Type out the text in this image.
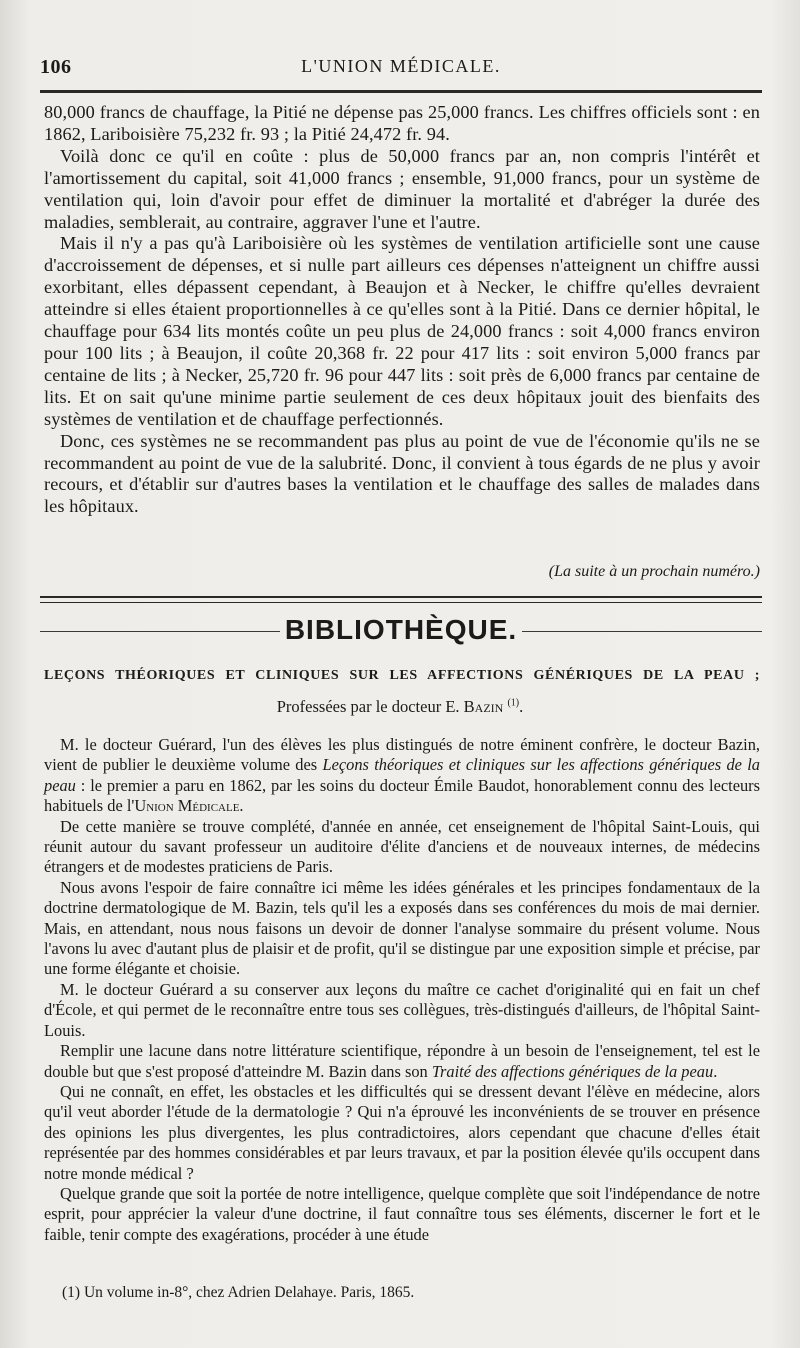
106	L'UNION MÉDICALE.

80,000 francs de chauffage, la Pitié ne dépense pas 25,000 francs. Les chiffres officiels sont : en 1862, Lariboisière 75,232 fr. 93 ; la Pitié 24,472 fr. 94.

Voilà donc ce qu'il en coûte : plus de 50,000 francs par an, non compris l'intérêt et l'amortissement du capital, soit 41,000 francs ; ensemble, 91,000 francs, pour un système de ventilation qui, loin d'avoir pour effet de diminuer la mortalité et d'abréger la durée des maladies, semblerait, au contraire, aggraver l'une et l'autre.

Mais il n'y a pas qu'à Lariboisière où les systèmes de ventilation artificielle sont une cause d'accroissement de dépenses, et si nulle part ailleurs ces dépenses n'atteignent un chiffre aussi exorbitant, elles dépassent cependant, à Beaujon et à Necker, le chiffre qu'elles devraient atteindre si elles étaient proportionnelles à ce qu'elles sont à la Pitié. Dans ce dernier hôpital, le chauffage pour 634 lits montés coûte un peu plus de 24,000 francs : soit 4,000 francs environ pour 100 lits ; à Beaujon, il coûte 20,368 fr. 22 pour 417 lits : soit environ 5,000 francs par centaine de lits ; à Necker, 25,720 fr. 96 pour 447 lits : soit près de 6,000 francs par centaine de lits. Et on sait qu'une minime partie seulement de ces deux hôpitaux jouit des bienfaits des systèmes de ventilation et de chauffage perfectionnés.

Donc, ces systèmes ne se recommandent pas plus au point de vue de l'économie qu'ils ne se recommandent au point de vue de la salubrité. Donc, il convient à tous égards de ne plus y avoir recours, et d'établir sur d'autres bases la ventilation et le chauffage des salles de malades dans les hôpitaux.

(La suite à un prochain numéro.)
BIBLIOTHÈQUE.
LEÇONS THÉORIQUES ET CLINIQUES SUR LES AFFECTIONS GÉNÉRIQUES DE LA PEAU ;
Professées par le docteur E. Bazin $^{(1)}$.

M. le docteur Guérard, l'un des élèves les plus distingués de notre éminent confrère, le docteur Bazin, vient de publier le deuxième volume des Leçons théoriques et cliniques sur les affections génériques de la peau : le premier a paru en 1862, par les soins du docteur Émile Baudot, honorablement connu des lecteurs habituels de l'Union Médicale.

De cette manière se trouve complété, d'année en année, cet enseignement de l'hôpital Saint-Louis, qui réunit autour du savant professeur un auditoire d'élite d'anciens et de nouveaux internes, de médecins étrangers et de modestes praticiens de Paris.

Nous avons l'espoir de faire connaître ici même les idées générales et les principes fondamentaux de la doctrine dermatologique de M. Bazin, tels qu'il les a exposés dans ses conférences du mois de mai dernier. Mais, en attendant, nous nous faisons un devoir de donner l'analyse sommaire du présent volume. Nous l'avons lu avec d'autant plus de plaisir et de profit, qu'il se distingue par une exposition simple et précise, par une forme élégante et choisie.

M. le docteur Guérard a su conserver aux leçons du maître ce cachet d'originalité qui en fait un chef d'École, et qui permet de le reconnaître entre tous ses collègues, très-distingués d'ailleurs, de l'hôpital Saint-Louis.

Remplir une lacune dans notre littérature scientifique, répondre à un besoin de l'enseignement, tel est le double but que s'est proposé d'atteindre M. Bazin dans son Traité des affections génériques de la peau.

Qui ne connaît, en effet, les obstacles et les difficultés qui se dressent devant l'élève en médecine, alors qu'il veut aborder l'étude de la dermatologie ? Qui n'a éprouvé les inconvénients de se trouver en présence des opinions les plus divergentes, les plus contradictoires, alors cependant que chacune d'elles était représentée par des hommes considérables et par leurs travaux, et par la position élevée qu'ils occupent dans notre monde médical ?

Quelque grande que soit la portée de notre intelligence, quelque complète que soit l'indépendance de notre esprit, pour apprécier la valeur d'une doctrine, il faut connaître tous ses éléments, discerner le fort et le faible, tenir compte des exagérations, procéder à une étude

(1) Un volume in-8°, chez Adrien Delahaye. Paris, 1865.
